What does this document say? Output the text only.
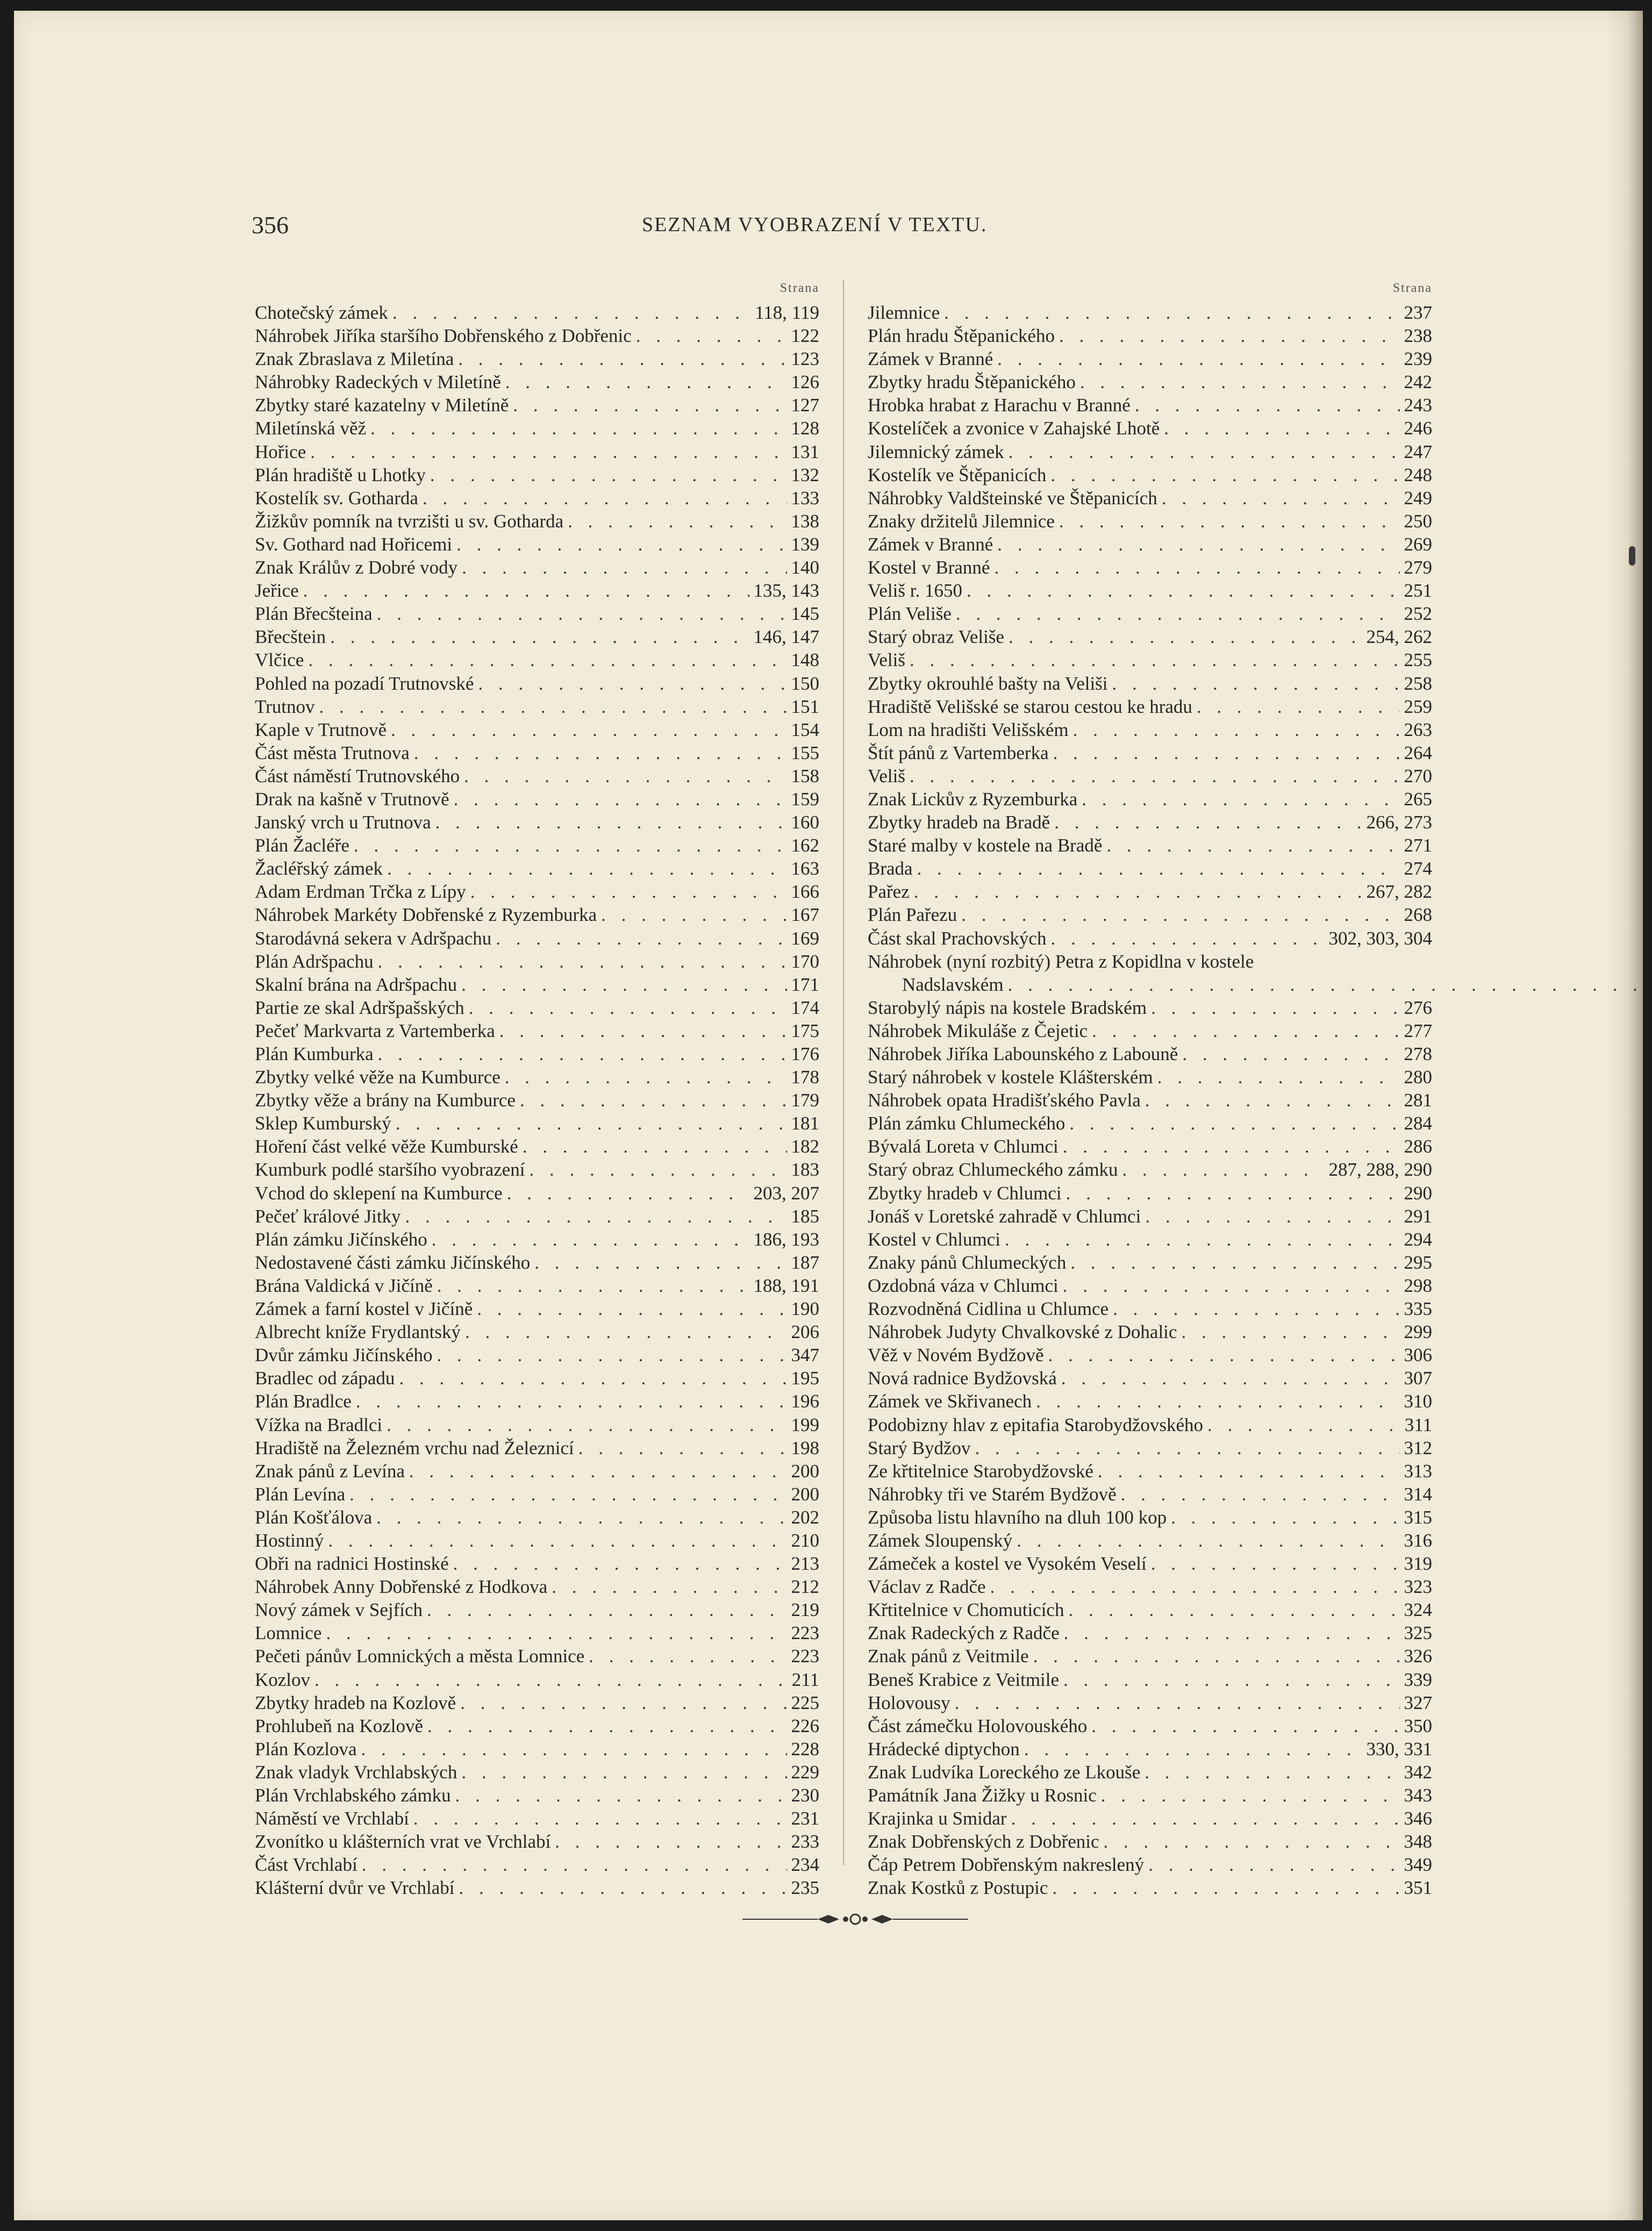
356	SEZNAM VYOBRAZENÍ V TEXTU.
Strana
Chotečský zámek . . .	118, 119
Náhrobek Jiříka staršího Dobřenského z Dobřenic . . .	122
Znak Zbraslava z Miletína . . .	123
Náhrobky Radeckých v Miletíně . . .	126
Zbytky staré kazatelny v Miletíně . . .	127
Miletínská věž . . .	128
Hořice . . .	131
Plán hradiště u Lhotky . . .	132
Kostelík sv. Gotharda . . .	133
Žižkův pomník na tvrzišti u sv. Gotharda . . .	138
Sv. Gothard nad Hořicemi . . .	139
Znak Králův z Dobré vody . . .	140
Jeřice . . .	135, 143
Plán Břecšteina . . .	145
Břecštein . . .	146, 147
Vlčice . . .	148
Pohled na pozadí Trutnovské . . .	150
Trutnov . . .	151
Kaple v Trutnově . . .	154
Část města Trutnova . . .	155
Část náměstí Trutnovského . . .	158
Drak na kašně v Trutnově . . .	159
Janský vrch u Trutnova . . .	160
Plán Žacléře . . .	162
Žacléřský zámek . . .	163
Adam Erdman Trčka z Lípy . . .	166
Náhrobek Markéty Dobřenské z Ryzemburka . . .	167
Starodávná sekera v Adršpachu . . .	169
Plán Adršpachu . . .	170
Skalní brána na Adršpachu . . .	171
Partie ze skal Adršpašských . . .	174
Pečeť Markvarta z Vartemberka . . .	175
Plán Kumburka . . .	176
Zbytky velké věže na Kumburce . . .	178
Zbytky věže a brány na Kumburce . . .	179
Sklep Kumburský . . .	181
Hoření část velké věže Kumburské . . .	182
Kumburk podlé staršího vyobrazení . . .	183
Vchod do sklepení na Kumburce . . .	203, 207
Pečeť králové Jitky . . .	185
Plán zámku Jičínského . . .	186, 193
Nedostavené části zámku Jičínského . . .	187
Brána Valdická v Jičíně . . .	188, 191
Zámek a farní kostel v Jičíně . . .	190
Albrecht kníže Frydlantský . . .	206
Dvůr zámku Jičínského . . .	347
Bradlec od západu . . .	195
Plán Bradlce . . .	196
Vížka na Bradlci . . .	199
Hradiště na Železném vrchu nad Železnicí . . .	198
Znak pánů z Levína . . .	200
Plán Levína . . .	200
Plán Košťálova . . .	202
Hostinný . . .	210
Obři na radnici Hostinské . . .	213
Náhrobek Anny Dobřenské z Hodkova . . .	212
Nový zámek v Sejfích . . .	219
Lomnice . . .	223
Pečeti pánův Lomnických a města Lomnice . . .	223
Kozlov . . .	211
Zbytky hradeb na Kozlově . . .	225
Prohlubeň na Kozlově . . .	226
Plán Kozlova . . .	228
Znak vladyk Vrchlabských . . .	229
Plán Vrchlabského zámku . . .	230
Náměstí ve Vrchlabí . . .	231
Zvonítko u klášterních vrat ve Vrchlabí . . .	233
Část Vrchlabí . . .	234
Klášterní dvůr ve Vrchlabí . . .	235
Strana
Jilemnice . . .	237
Plán hradu Štěpanického . . .	238
Zámek v Branné . . .	239
Zbytky hradu Štěpanického . . .	242
Hrobka hrabat z Harachu v Branné . . .	243
Kostelíček a zvonice v Zahajské Lhotě . . .	246
Jilemnický zámek . . .	247
Kostelík ve Štěpanicích . . .	248
Náhrobky Valdšteinské ve Štěpanicích . . .	249
Znaky držitelů Jilemnice . . .	250
Zámek v Branné . . .	269
Kostel v Branné . . .	279
Veliš r. 1650 . . .	251
Plán Veliše . . .	252
Starý obraz Veliše . . .	254, 262
Veliš . . .	255
Zbytky okrouhlé bašty na Veliši . . .	258
Hradiště Velišské se starou cestou ke hradu . . .	259
Lom na hradišti Velišském . . .	263
Štít pánů z Vartemberka . . .	264
Veliš . . .	270
Znak Lickův z Ryzemburka . . .	265
Zbytky hradeb na Bradě . . .	266, 273
Staré malby v kostele na Bradě . . .	271
Brada . . .	274
Pařez . . .	267, 282
Plán Pařezu . . .	268
Část skal Prachovských . . .	302, 303, 304
Náhrobek (nyní rozbitý) Petra z Kopidlna v kostele
Nadslavském
. . .
Starobylý nápis na kostele Bradském . . .	276
Náhrobek Mikuláše z Čejetic . . .	277
Náhrobek Jiříka Labounského z Labouně . . .	278
Starý náhrobek v kostele Klášterském . . .	280
Náhrobek opata Hradišťského Pavla . . .	281
Plán zámku Chlumeckého . . .	284
Bývalá Loreta v Chlumci . . .	286
Starý obraz Chlumeckého zámku . . .	287, 288, 290
Zbytky hradeb v Chlumci . . .	290
Jonáš v Loretské zahradě v Chlumci . . .	291
Kostel v Chlumci . . .	294
Znaky pánů Chlumeckých . . .	295
Ozdobná váza v Chlumci . . .	298
Rozvodněná Cidlina u Chlumce . . .	335
Náhrobek Judyty Chvalkovské z Dohalic . . .	299
Věž v Novém Bydžově . . .	306
Nová radnice Bydžovská . . .	307
Zámek ve Skřivanech . . .	310
Podobizny hlav z epitafia Starobydžovského . . .	311
Starý Bydžov . . .	312
Ze křtitelnice Starobydžovské . . .	313
Náhrobky tři ve Starém Bydžově . . .	314
Způsoba listu hlavního na dluh 100 kop . . .	315
Zámek Sloupenský . . .	316
Zámeček a kostel ve Vysokém Veselí . . .	319
Václav z Radče . . .	323
Křtitelnice v Chomuticích . . .	324
Znak Radeckých z Radče . . .	325
Znak pánů z Veitmile . . .	326
Beneš Krabice z Veitmile . . .	339
Holovousy . . .	327
Část zámečku Holovouského . . .	350
Hrádecké diptychon . . .	330, 331
Znak Ludvíka Loreckého ze Lkouše . . .	342
Památník Jana Žižky u Rosnic . . .	343
Krajinka u Smidar . . .	346
Znak Dobřenských z Dobřenic . . .	348
Čáp Petrem Dobřenským nakreslený . . .	349
Znak Kostků z Postupic . . .	351
